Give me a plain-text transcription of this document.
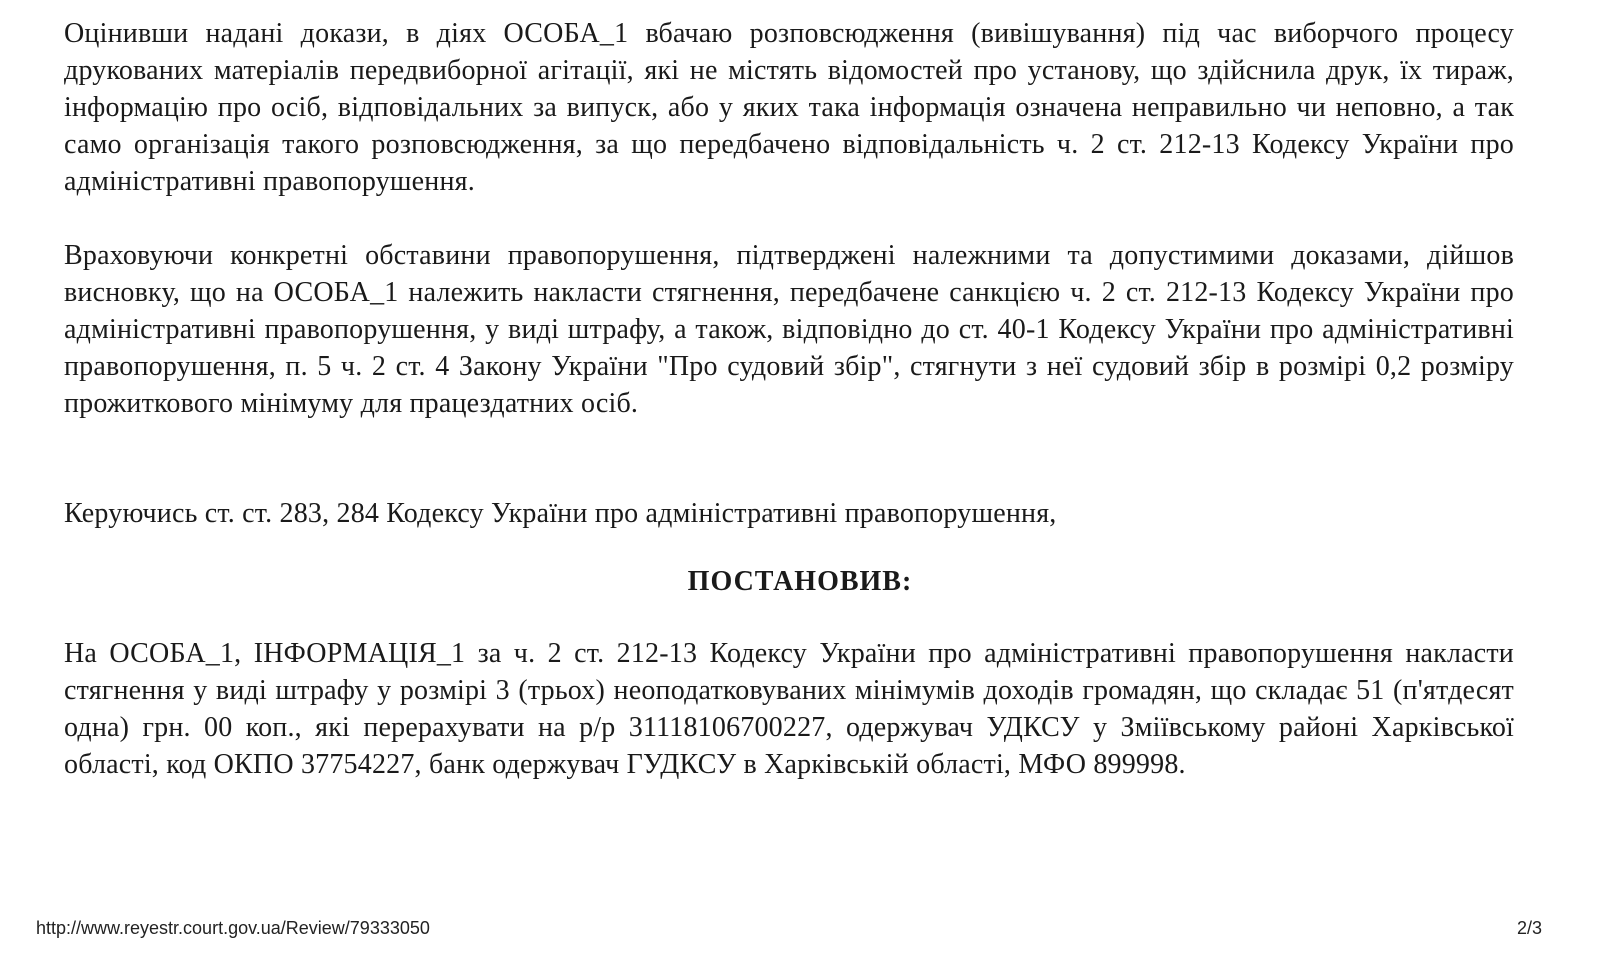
Оцінивши надані докази, в діях ОСОБА_1 вбачаю розповсюдження (вивішування) під час виборчого процесу друкованих матеріалів передвиборної агітації, які не містять відомостей про установу, що здійснила друк, їх тираж, інформацію про осіб, відповідальних за випуск, або у яких така інформація означена неправильно чи неповно, а так само організація такого розповсюдження, за що передбачено відповідальність ч. 2 ст. 212-13 Кодексу України про адміністративні правопорушення.

Враховуючи конкретні обставини правопорушення, підтверджені належними та допустимими доказами, дійшов висновку, що на ОСОБА_1 належить накласти стягнення, передбачене санкцією ч. 2 ст. 212-13 Кодексу України про адміністративні правопорушення, у виді штрафу, а також, відповідно до ст. 40-1 Кодексу України про адміністративні правопорушення, п. 5 ч. 2 ст. 4 Закону України "Про судовий збір", стягнути з неї судовий збір в розмірі 0,2 розміру прожиткового мінімуму для працездатних осіб.

Керуючись ст. ст. 283, 284 Кодексу України про адміністративні правопорушення,

ПОСТАНОВИВ:

На ОСОБА_1, ІНФОРМАЦІЯ_1 за ч. 2 ст. 212-13 Кодексу України про адміністративні правопорушення накласти стягнення у виді штрафу у розмірі 3 (трьох) неоподатковуваних мінімумів доходів громадян, що складає 51 (п'ятдесят одна) грн. 00 коп., які перерахувати на р/р 31118106700227, одержувач УДКСУ у Зміївському районі Харківської області, код ОКПО 37754227, банк одержувач ГУДКСУ в Харківській області, МФО 899998.

http://www.reyestr.court.gov.ua/Review/79333050	2/3
